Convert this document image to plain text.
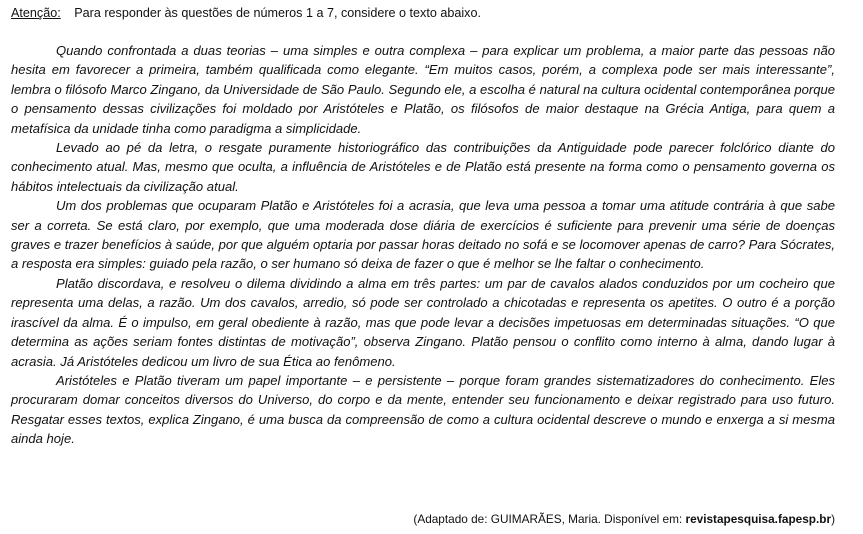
Atenção: Para responder às questões de números 1 a 7, considere o texto abaixo.

Quando confrontada a duas teorias – uma simples e outra complexa – para explicar um problema, a maior parte das pessoas não hesita em favorecer a primeira, também qualificada como elegante. “Em muitos casos, porém, a complexa pode ser mais interessante”, lembra o filósofo Marco Zingano, da Universidade de São Paulo. Segundo ele, a escolha é natural na cultura ocidental contemporânea porque o pensamento dessas civilizações foi moldado por Aristóteles e Platão, os filósofos de maior destaque na Grécia Antiga, para quem a metafísica da unidade tinha como paradigma a simplicidade.

Levado ao pé da letra, o resgate puramente historiográfico das contribuições da Antiguidade pode parecer folclórico diante do conhecimento atual. Mas, mesmo que oculta, a influência de Aristóteles e de Platão está presente na forma como o pensamento governa os hábitos intelectuais da civilização atual.

Um dos problemas que ocuparam Platão e Aristóteles foi a acrasia, que leva uma pessoa a tomar uma atitude contrária à que sabe ser a correta. Se está claro, por exemplo, que uma moderada dose diária de exercícios é suficiente para prevenir uma série de doenças graves e trazer benefícios à saúde, por que alguém optaria por passar horas deitado no sofá e se locomover apenas de carro? Para Sócrates, a resposta era simples: guiado pela razão, o ser humano só deixa de fazer o que é melhor se lhe faltar o conhecimento.

Platão discordava, e resolveu o dilema dividindo a alma em três partes: um par de cavalos alados conduzidos por um cocheiro que representa uma delas, a razão. Um dos cavalos, arredio, só pode ser controlado a chicotadas e representa os apetites. O outro é a porção irascível da alma. É o impulso, em geral obediente à razão, mas que pode levar a decisões impetuosas em determinadas situações. “O que determina as ações seriam fontes distintas de motivação”, observa Zingano. Platão pensou o conflito como interno à alma, dando lugar à acrasia. Já Aristóteles dedicou um livro de sua Ética ao fenômeno.

Aristóteles e Platão tiveram um papel importante – e persistente – porque foram grandes sistematizadores do conhecimento. Eles procuraram domar conceitos diversos do Universo, do corpo e da mente, entender seu funcionamento e deixar registrado para uso futuro. Resgatar esses textos, explica Zingano, é uma busca da compreensão de como a cultura ocidental descreve o mundo e enxerga a si mesma ainda hoje.

(Adaptado de: GUIMARÃES, Maria. Disponível em: revistapesquisa.fapesp.br)
